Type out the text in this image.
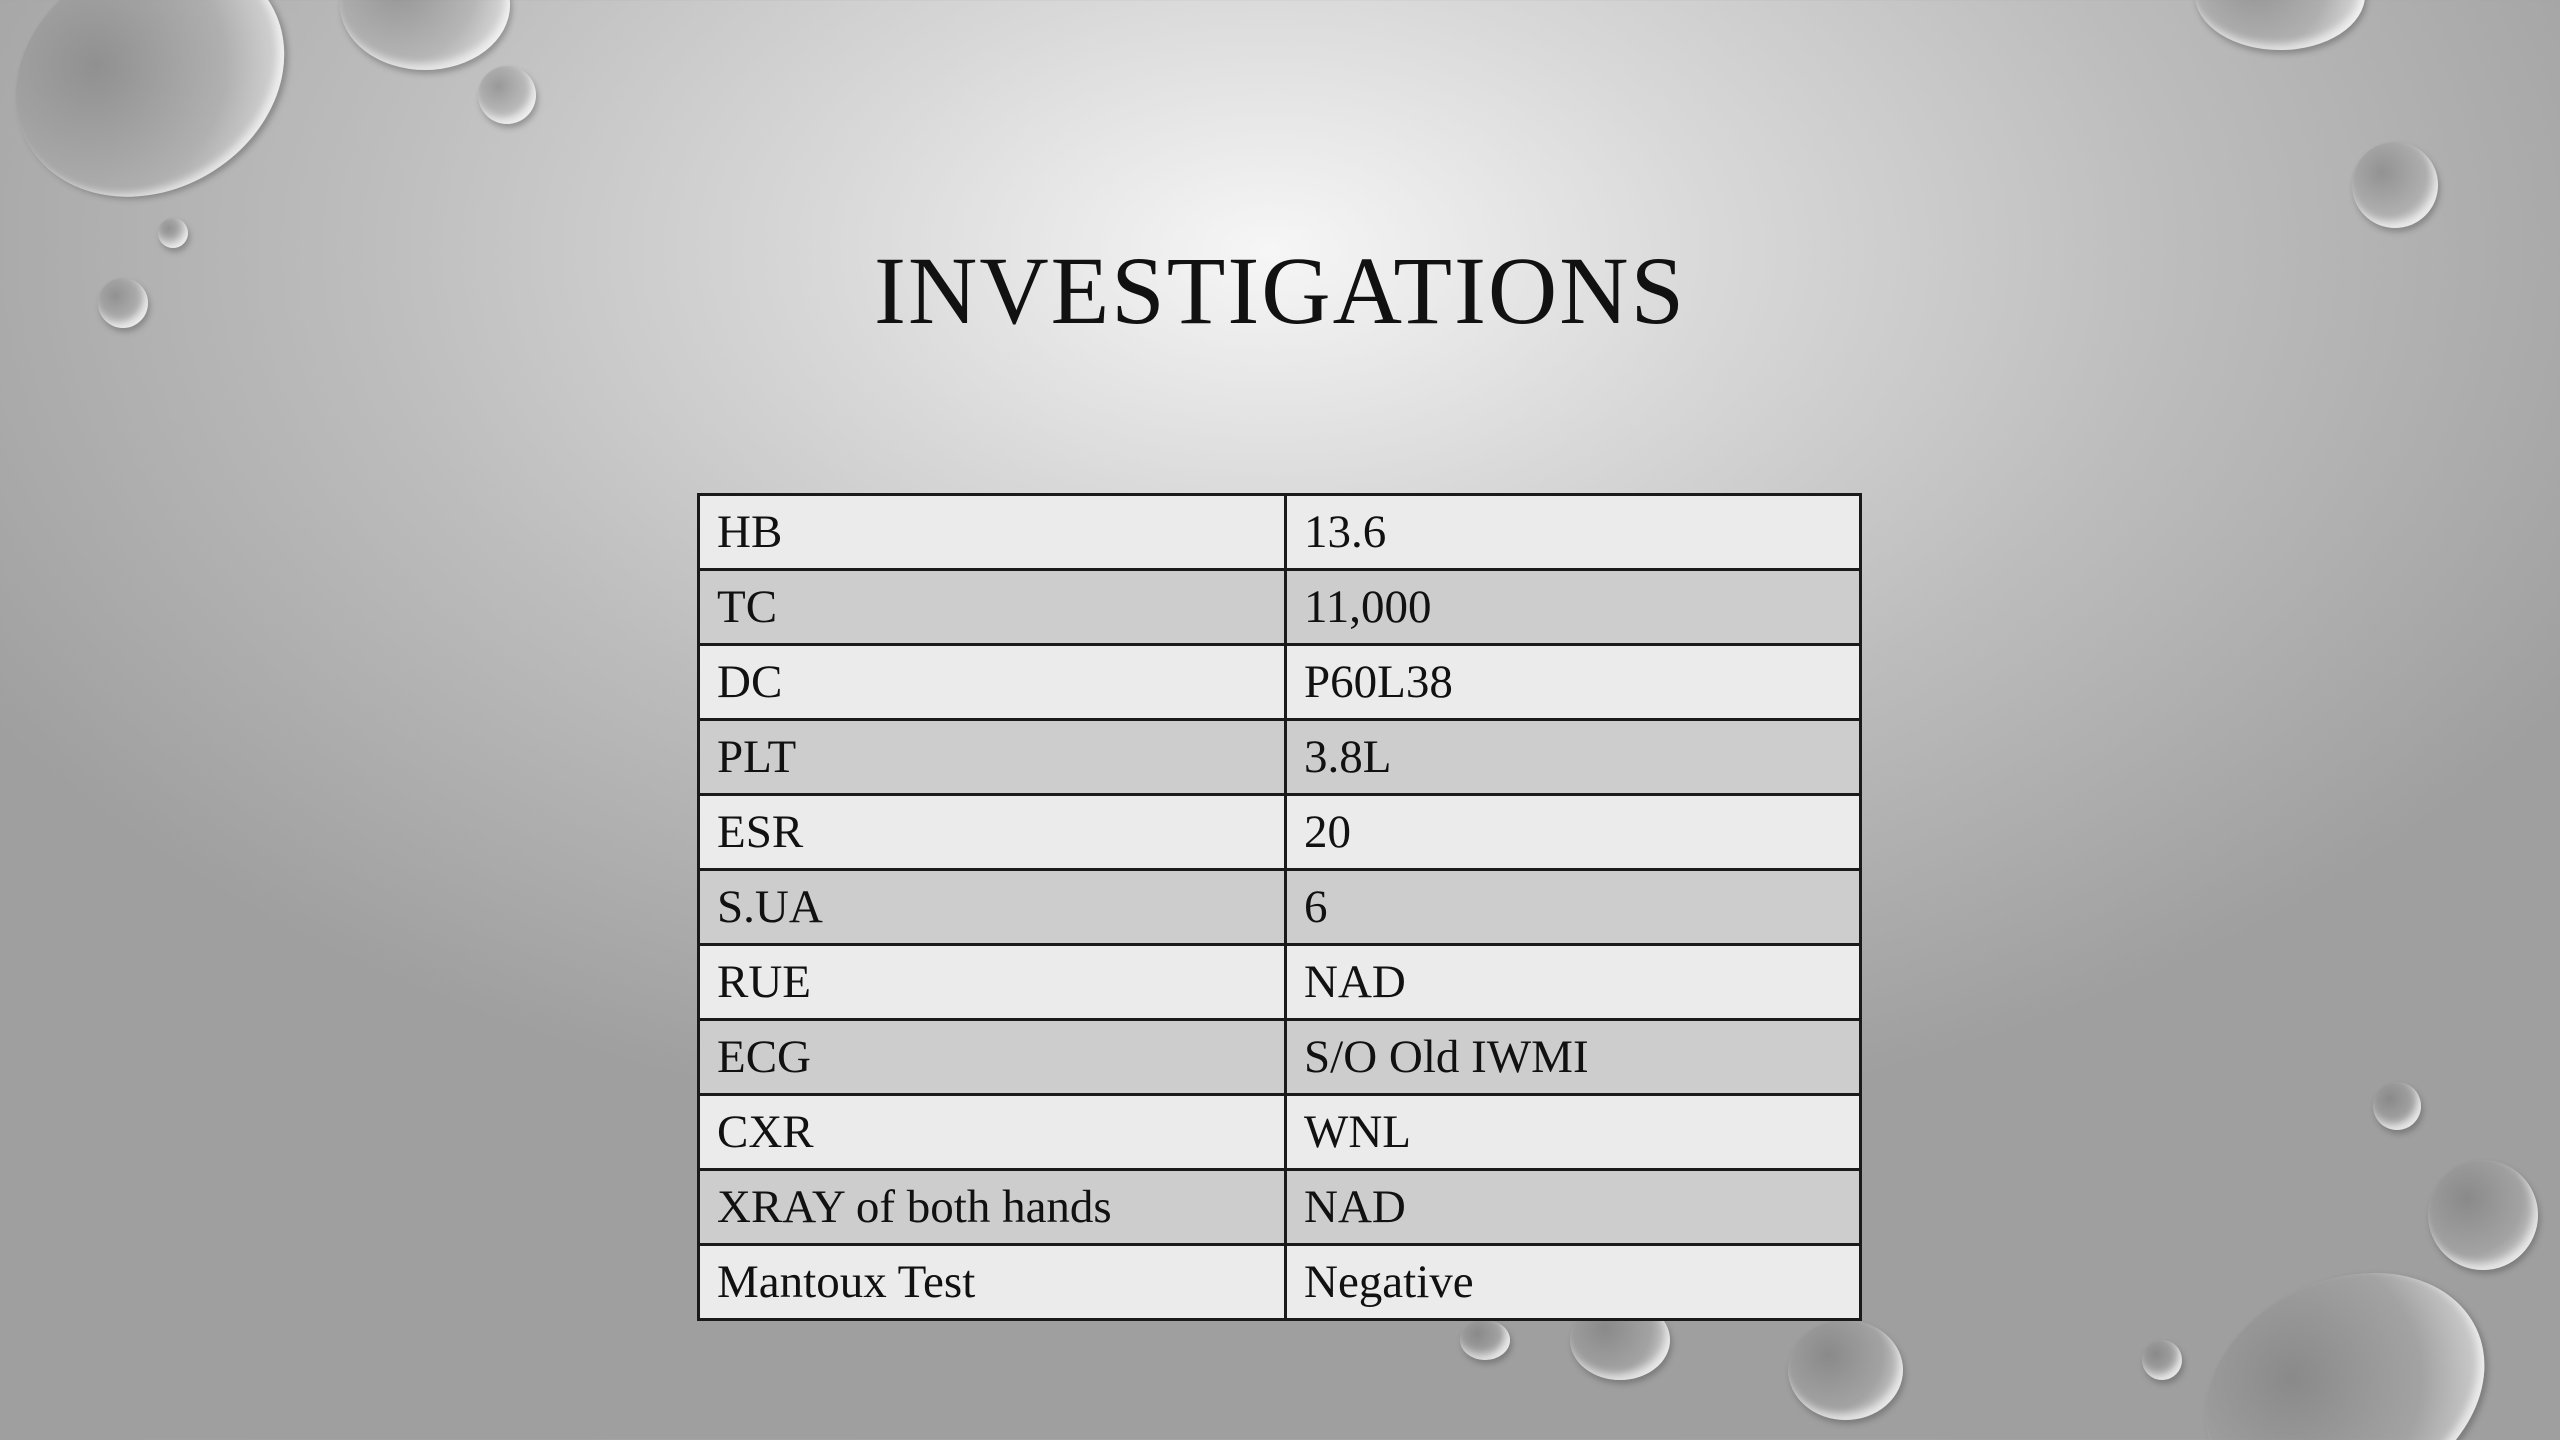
INVESTIGATIONS
HB	13.6
TC	11,000
DC	P60L38
PLT	3.8L
ESR	20
S.UA	6
RUE	NAD
ECG	S/O Old IWMI
CXR	WNL
XRAY of both hands	NAD
Mantoux Test	Negative
